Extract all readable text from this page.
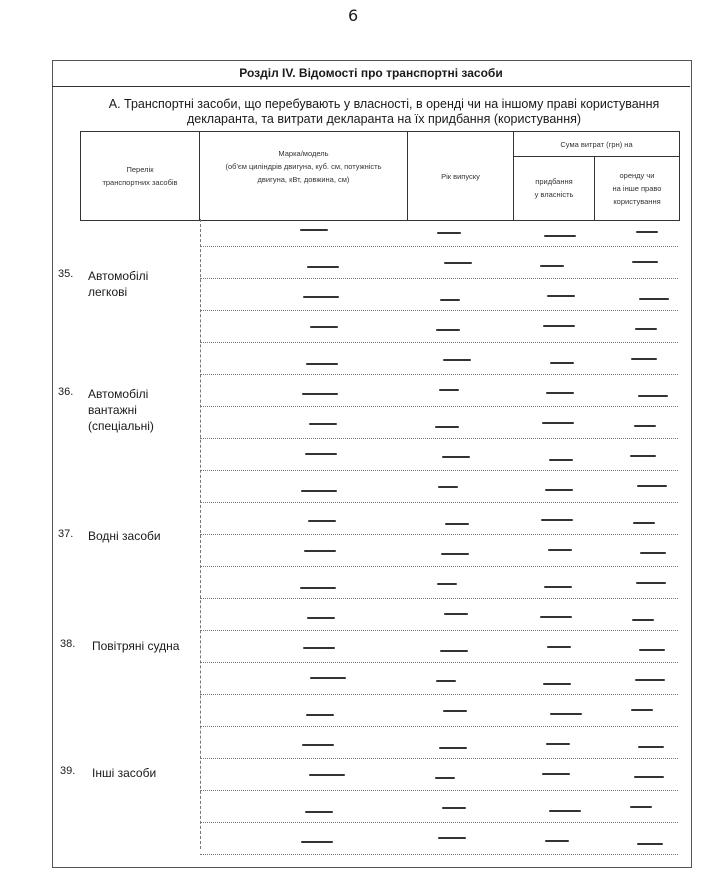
6
Розділ IV. Відомості про транспортні засоби
А. Транспортні засоби, що перебувають у власності, в оренді чи на іншому праві користування
декларанта, та витрати декларанта на їх придбання (користування)
Перелік
транспортних засобів
Марка/модель
(об'єм циліндрів двигуна, куб. см, потужність
двигуна, кВт, довжина, см)	Рік випуску
Сума витрат (грн) на
придбання
у власність
оренду чи
на інше право
користування
35. Автомобілі
легкові
36. Автомобілі
вантажні
(спеціальні)
37. Водні засоби
38. Повітряні судна
39. Інші засоби
